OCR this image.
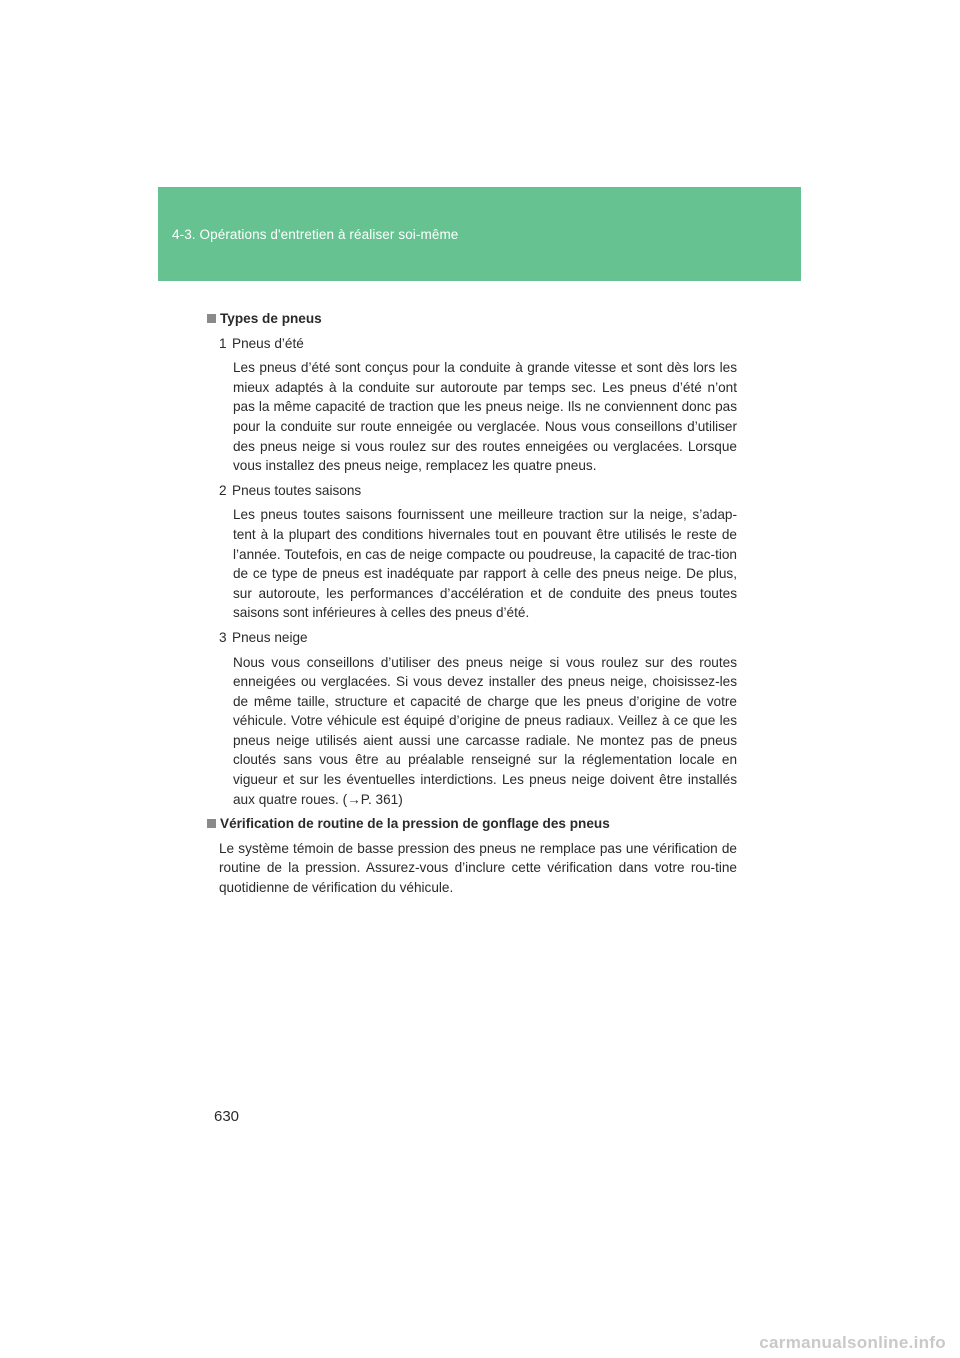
4-3. Opérations d'entretien à réaliser soi-même
Types de pneus
1 Pneus d’été
Les pneus d’été sont conçus pour la conduite à grande vitesse et sont dès lors les mieux adaptés à la conduite sur autoroute par temps sec. Les pneus d’été n’ont pas la même capacité de traction que les pneus neige. Ils ne conviennent donc pas pour la conduite sur route enneigée ou verglacée. Nous vous conseillons d’utiliser des pneus neige si vous roulez sur des routes enneigées ou verglacées. Lorsque vous installez des pneus neige, remplacez les quatre pneus.
2 Pneus toutes saisons
Les pneus toutes saisons fournissent une meilleure traction sur la neige, s’adap-tent à la plupart des conditions hivernales tout en pouvant être utilisés le reste de l’année. Toutefois, en cas de neige compacte ou poudreuse, la capacité de trac-tion de ce type de pneus est inadéquate par rapport à celle des pneus neige. De plus, sur autoroute, les performances d’accélération et de conduite des pneus toutes saisons sont inférieures à celles des pneus d’été.
3 Pneus neige
Nous vous conseillons d’utiliser des pneus neige si vous roulez sur des routes enneigées ou verglacées. Si vous devez installer des pneus neige, choisissez-les de même taille, structure et capacité de charge que les pneus d’origine de votre véhicule. Votre véhicule est équipé d’origine de pneus radiaux. Veillez à ce que les pneus neige utilisés aient aussi une carcasse radiale. Ne montez pas de pneus cloutés sans vous être au préalable renseigné sur la réglementation locale en vigueur et sur les éventuelles interdictions. Les pneus neige doivent être installés aux quatre roues. (→P. 361)
Vérification de routine de la pression de gonflage des pneus
Le système témoin de basse pression des pneus ne remplace pas une vérification de routine de la pression. Assurez-vous d’inclure cette vérification dans votre rou-tine quotidienne de vérification du véhicule.
630
carmanualsonline.info
